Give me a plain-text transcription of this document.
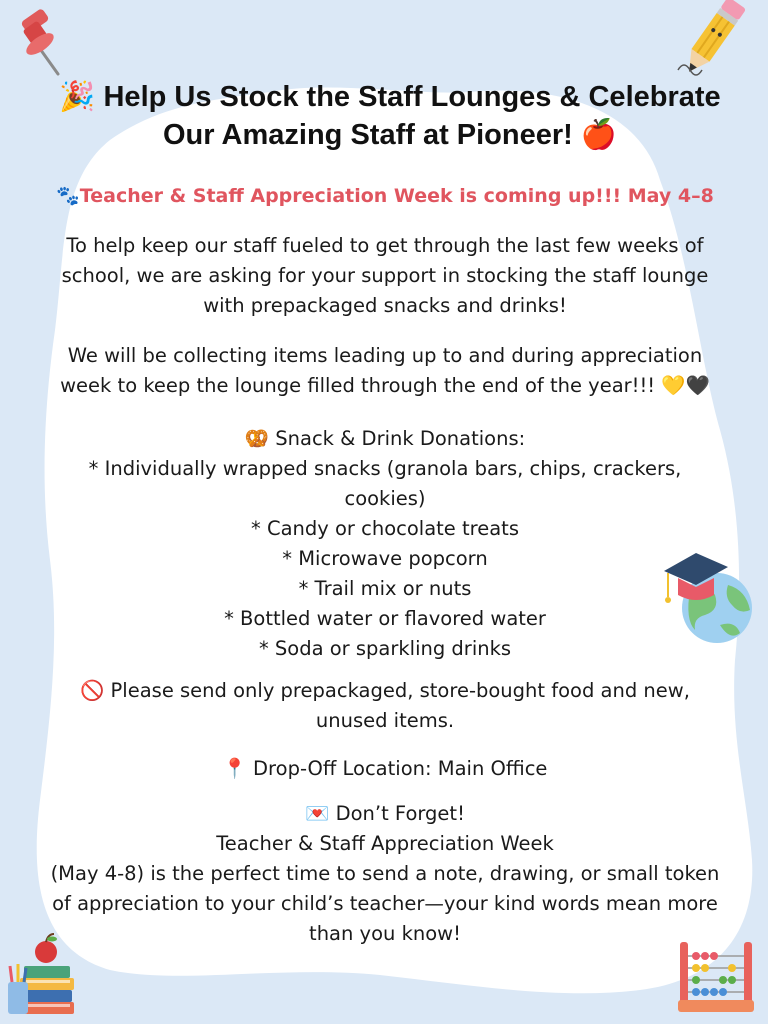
🎉 Help Us Stock the Staff Lounges & Celebrate
Our Amazing Staff at Pioneer! 🍎
🐾Teacher & Staff Appreciation Week is coming up!!! May 4–8
To help keep our staff fueled to get through the last few weeks of
school, we are asking for your support in stocking the staff lounge
with prepackaged snacks and drinks!
We will be collecting items leading up to and during appreciation
week to keep the lounge filled through the end of the year!!! 💛🖤
🥨 Snack & Drink Donations:
* Individually wrapped snacks (granola bars, chips, crackers,
cookies)
* Candy or chocolate treats
* Microwave popcorn
* Trail mix or nuts
* Bottled water or flavored water
* Soda or sparkling drinks
🚫 Please send only prepackaged, store-bought food and new,
unused items.
📍 Drop-Off Location: Main Office
💌 Don’t Forget!
Teacher & Staff Appreciation Week
(May 4-8) is the perfect time to send a note, drawing, or small token
of appreciation to your child’s teacher—your kind words mean more
than you know!
